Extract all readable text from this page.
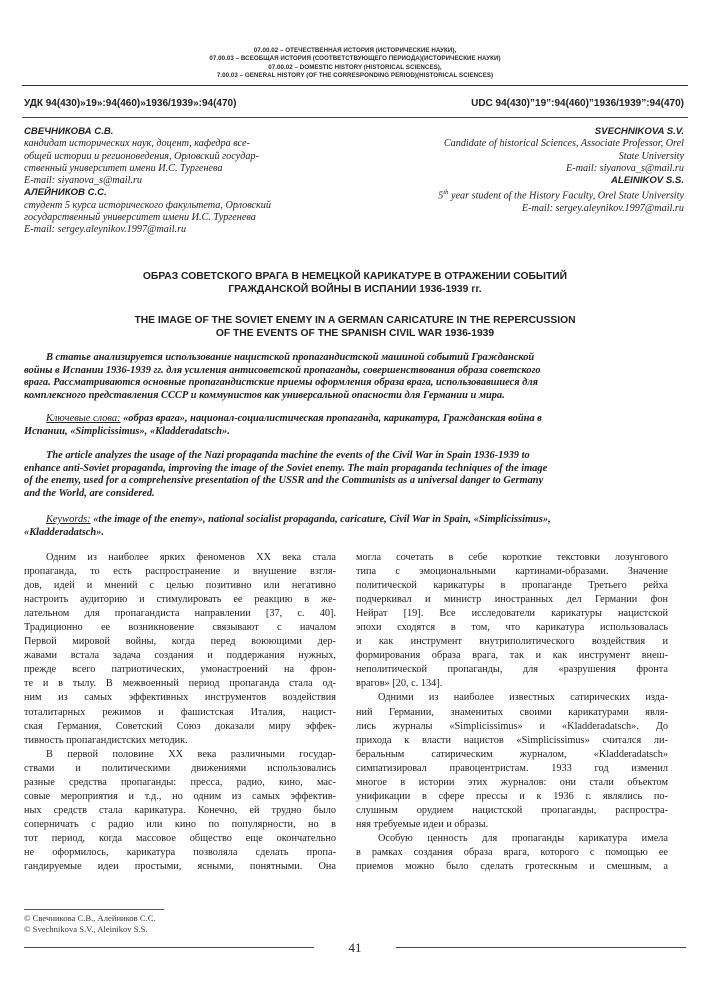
07.00.02 – ОТЕЧЕСТВЕННАЯ ИСТОРИЯ (ИСТОРИЧЕСКИЕ НАУКИ),
07.00.03 – ВСЕОБЩАЯ ИСТОРИЯ (СООТВЕТСТВУЮЩЕГО ПЕРИОДА)(ИСТОРИЧЕСКИЕ НАУКИ)
07.00.02 – DOMESTIC HISTORY (HISTORICAL SCIENCES),
7.00.03 – GENERAL HISTORY (OF THE CORRESPONDING PERIOD)(HISTORICAL SCIENCES)
УДК 94(430)»19»:94(460)»1936/1939»:94(470)	UDC 94(430)”19”:94(460)”1936/1939”:94(470)
СВЕЧНИКОВА С.В.
кандидат исторических наук, доцент, кафедра все-
общей истории и регионоведения, Орловский государ-
ственный университет имени И.С. Тургенева
E-mail: siyanova_s@mail.ru
АЛЕЙНИКОВ С.С.
студент 5 курса исторического факультета, Орловский
государственный университет имени И.С. Тургенева
E-mail: sergey.aleynikov.1997@mail.ru
SVECHNIKOVA S.V.
Candidate of historical Sciences, Associate Professor, Orel
State University
E-mail: siyanova_s@mail.ru
ALEINIKOV S.S.
5th year student of the History Faculty, Orel State University
E-mail: sergey.aleynikov.1997@mail.ru
ОБРАЗ СОВЕТСКОГО ВРАГА В НЕМЕЦКОЙ КАРИКАТУРЕ В ОТРАЖЕНИИ СОБЫТИЙ
ГРАЖДАНСКОЙ ВОЙНЫ В ИСПАНИИ 1936-1939 гг.
THE IMAGE OF THE SOVIET ENEMY IN A GERMAN CARICATURE IN THE REPERCUSSION
OF THE EVENTS OF THE SPANISH CIVIL WAR 1936-1939
В статье анализируется использование нацистской пропагандистской машиной событий Гражданской
войны в Испании 1936-1939 гг. для усиления антисоветской пропаганды, совершенствования образа советского
врага. Рассматриваются основные пропагандистские приемы оформления образа врага, использовавшиеся для
комплексного представления СССР и коммунистов как универсальной опасности для Германии и мира.
Ключевые слова: «образ врага», национал-социалистическая пропаганда, карикатура, Гражданская война в
Испании, «Simplicissimus», «Kladderadatsch».
The article analyzes the usage of the Nazi propaganda machine the events of the Civil War in Spain 1936-1939 to
enhance anti-Soviet propaganda, improving the image of the Soviet enemy. The main propaganda techniques of the image
of the enemy, used for a comprehensive presentation of the USSR and the Communists as a universal danger to Germany
and the World, are considered.
Keywords: «the image of the enemy», national socialist propaganda, caricature, Civil War in Spain, «Simplicissimus»,
«Kladderadatsch».
Одним из наиболее ярких феноменов XX века стала
пропаганда, то есть распространение и внушение взгля-
дов, идей и мнений с целью позитивно или негативно
настроить аудиторию и стимулировать ее реакцию в же-
лательном для пропагандиста направлении [37, с. 40].
Традиционно ее возникновение связывают с началом
Первой мировой войны, когда перед воюющими дер-
жавами встала задача создания и поддержания нужных,
прежде всего патриотических, умонастроений на фрон-
те и в тылу. В межвоенный период пропаганда стала од-
ним из самых эффективных инструментов воздействия
тоталитарных режимов и фашистская Италия, нацист-
ская Германия, Советский Союз доказали миру эффек-
тивность пропагандистских методик.
В первой половине XX века различными государ-
ствами и политическими движениями использовались
разные средства пропаганды: пресса, радио, кино, мас-
совые мероприятия и т.д., но одним из самых эффектив-
ных средств стала карикатура. Конечно, ей трудно было
соперничать с радио или кино по популярности, но в
тот период, когда массовое общество еще окончательно
не оформилось, карикатура позволяла сделать пропа-
гандируемые идеи простыми, ясными, понятными. Она
могла сочетать в себе короткие текстовки лозунгового
типа с эмоциональными картинами-образами. Значение
политической карикатуры в пропаганде Третьего рейха
подчеркивал и министр иностранных дел Германии фон
Нейрат [19]. Все исследователи карикатуры нацистской
эпохи сходятся в том, что карикатура использовалась
и как инструмент внутриполитического воздействия и
формирования образа врага, так и как инструмент внеш-
неполитической пропаганды, для «разрушения фронта
врагов» [20, с. 134].
Одними из наиболее известных сатирических изда-
ний Германии, знаменитых своими карикатурами явля-
лись журналы «Simplicissimus» и «Kladderadatsch». До
прихода к власти нацистов «Simplicissimus» считался ли-
беральным сатирическим журналом, «Kladderadatsch»
симпатизировал правоцентристам. 1933 год изменил
многое в истории этих журналов: они стали объектом
унификации в сфере прессы и к 1936 г. являлись по-
слушным орудием нацистской пропаганды, распростра-
няя требуемые идеи и образы.
Особую ценность для пропаганды карикатура имела
в рамках создания образа врага, которого с помощью ее
приемов можно было сделать гротескным и смешным, а
© Свечникова С.В., Алейников С.С.
© Svechnikova S.V., Aleinikov S.S.
41
